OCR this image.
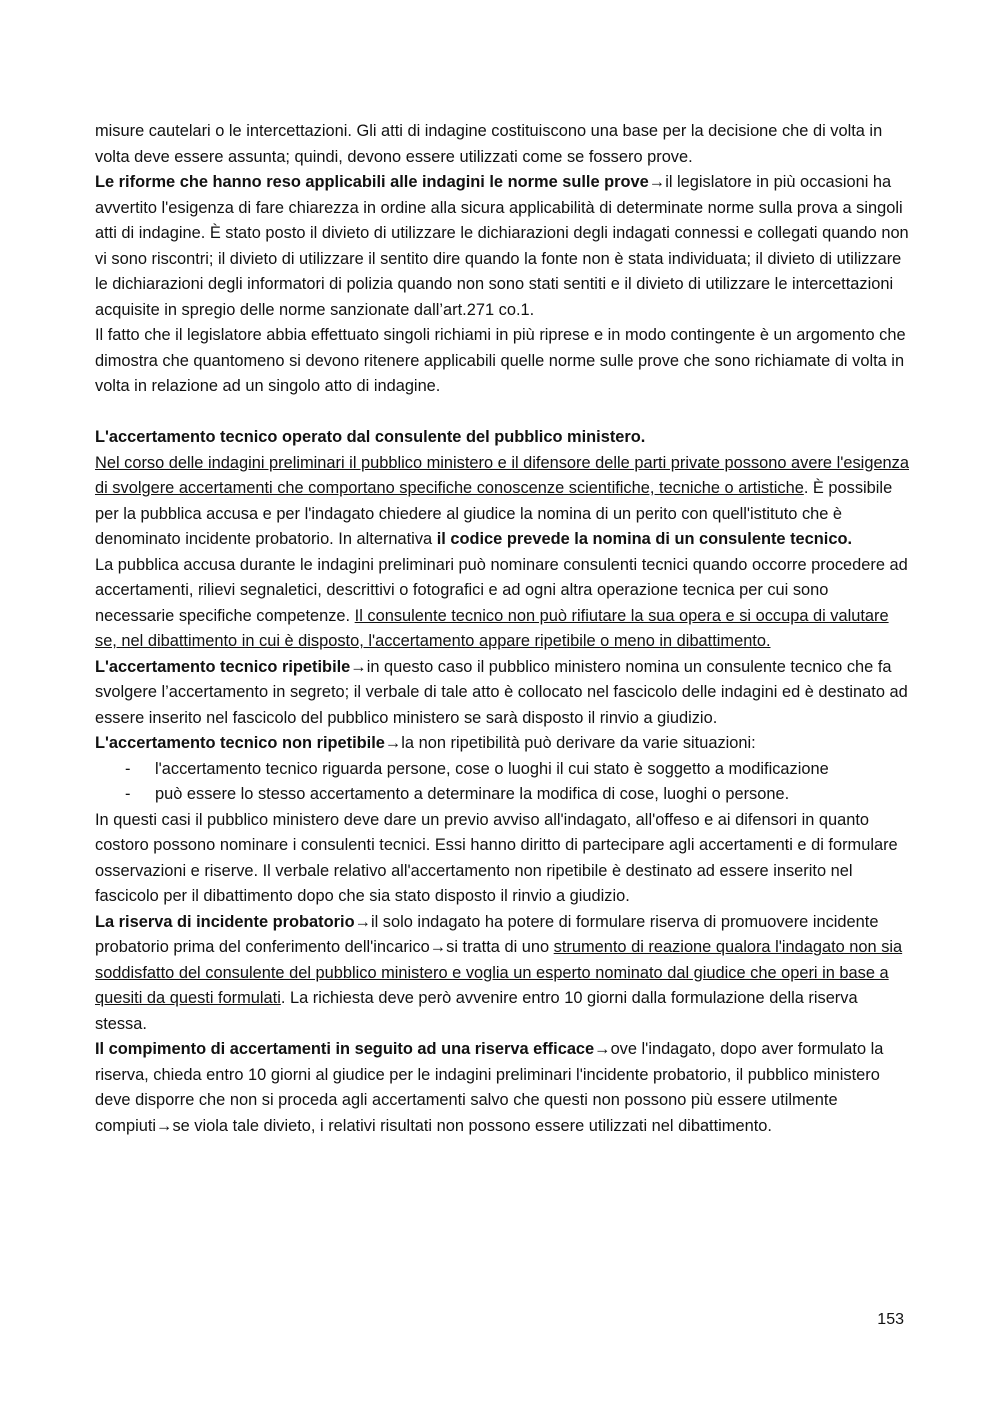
misure cautelari o le intercettazioni. Gli atti di indagine costituiscono una base per la decisione che di volta in volta deve essere assunta; quindi, devono essere utilizzati come se fossero prove.

Le riforme che hanno reso applicabili alle indagini le norme sulle prove→il legislatore in più occasioni ha avvertito l'esigenza di fare chiarezza in ordine alla sicura applicabilità di determinate norme sulla prova a singoli atti di indagine. È stato posto il divieto di utilizzare le dichiarazioni degli indagati connessi e collegati quando non vi sono riscontri; il divieto di utilizzare il sentito dire quando la fonte non è stata individuata; il divieto di utilizzare le dichiarazioni degli informatori di polizia quando non sono stati sentiti e il divieto di utilizzare le intercettazioni acquisite in spregio delle norme sanzionate dall’art.271 co.1.

Il fatto che il legislatore abbia effettuato singoli richiami in più riprese e in modo contingente è un argomento che dimostra che quantomeno si devono ritenere applicabili quelle norme sulle prove che sono richiamate di volta in volta in relazione ad un singolo atto di indagine.

L'accertamento tecnico operato dal consulente del pubblico ministero.

Nel corso delle indagini preliminari il pubblico ministero e il difensore delle parti private possono avere l'esigenza di svolgere accertamenti che comportano specifiche conoscenze scientifiche, tecniche o artistiche. È possibile per la pubblica accusa e per l'indagato chiedere al giudice la nomina di un perito con quell'istituto che è denominato incidente probatorio. In alternativa il codice prevede la nomina di un consulente tecnico.

La pubblica accusa durante le indagini preliminari può nominare consulenti tecnici quando occorre procedere ad accertamenti, rilievi segnaletici, descrittivi o fotografici e ad ogni altra operazione tecnica per cui sono necessarie specifiche competenze. Il consulente tecnico non può rifiutare la sua opera e si occupa di valutare se, nel dibattimento in cui è disposto, l'accertamento appare ripetibile o meno in dibattimento.

L'accertamento tecnico ripetibile→in questo caso il pubblico ministero nomina un consulente tecnico che fa svolgere l’accertamento in segreto; il verbale di tale atto è collocato nel fascicolo delle indagini ed è destinato ad essere inserito nel fascicolo del pubblico ministero se sarà disposto il rinvio a giudizio.

L'accertamento tecnico non ripetibile→la non ripetibilità può derivare da varie situazioni:

- l'accertamento tecnico riguarda persone, cose o luoghi il cui stato è soggetto a modificazione
- può essere lo stesso accertamento a determinare la modifica di cose, luoghi o persone.

In questi casi il pubblico ministero deve dare un previo avviso all'indagato, all'offeso e ai difensori in quanto costoro possono nominare i consulenti tecnici. Essi hanno diritto di partecipare agli accertamenti e di formulare osservazioni e riserve. Il verbale relativo all'accertamento non ripetibile è destinato ad essere inserito nel fascicolo per il dibattimento dopo che sia stato disposto il rinvio a giudizio.

La riserva di incidente probatorio→il solo indagato ha potere di formulare riserva di promuovere incidente probatorio prima del conferimento dell'incarico→si tratta di uno strumento di reazione qualora l'indagato non sia soddisfatto del consulente del pubblico ministero e voglia un esperto nominato dal giudice che operi in base a quesiti da questi formulati. La richiesta deve però avvenire entro 10 giorni dalla formulazione della riserva stessa.

Il compimento di accertamenti in seguito ad una riserva efficace→ove l'indagato, dopo aver formulato la riserva, chieda entro 10 giorni al giudice per le indagini preliminari l'incidente probatorio, il pubblico ministero deve disporre che non si proceda agli accertamenti salvo che questi non possono più essere utilmente compiuti→se viola tale divieto, i relativi risultati non possono essere utilizzati nel dibattimento.

153
